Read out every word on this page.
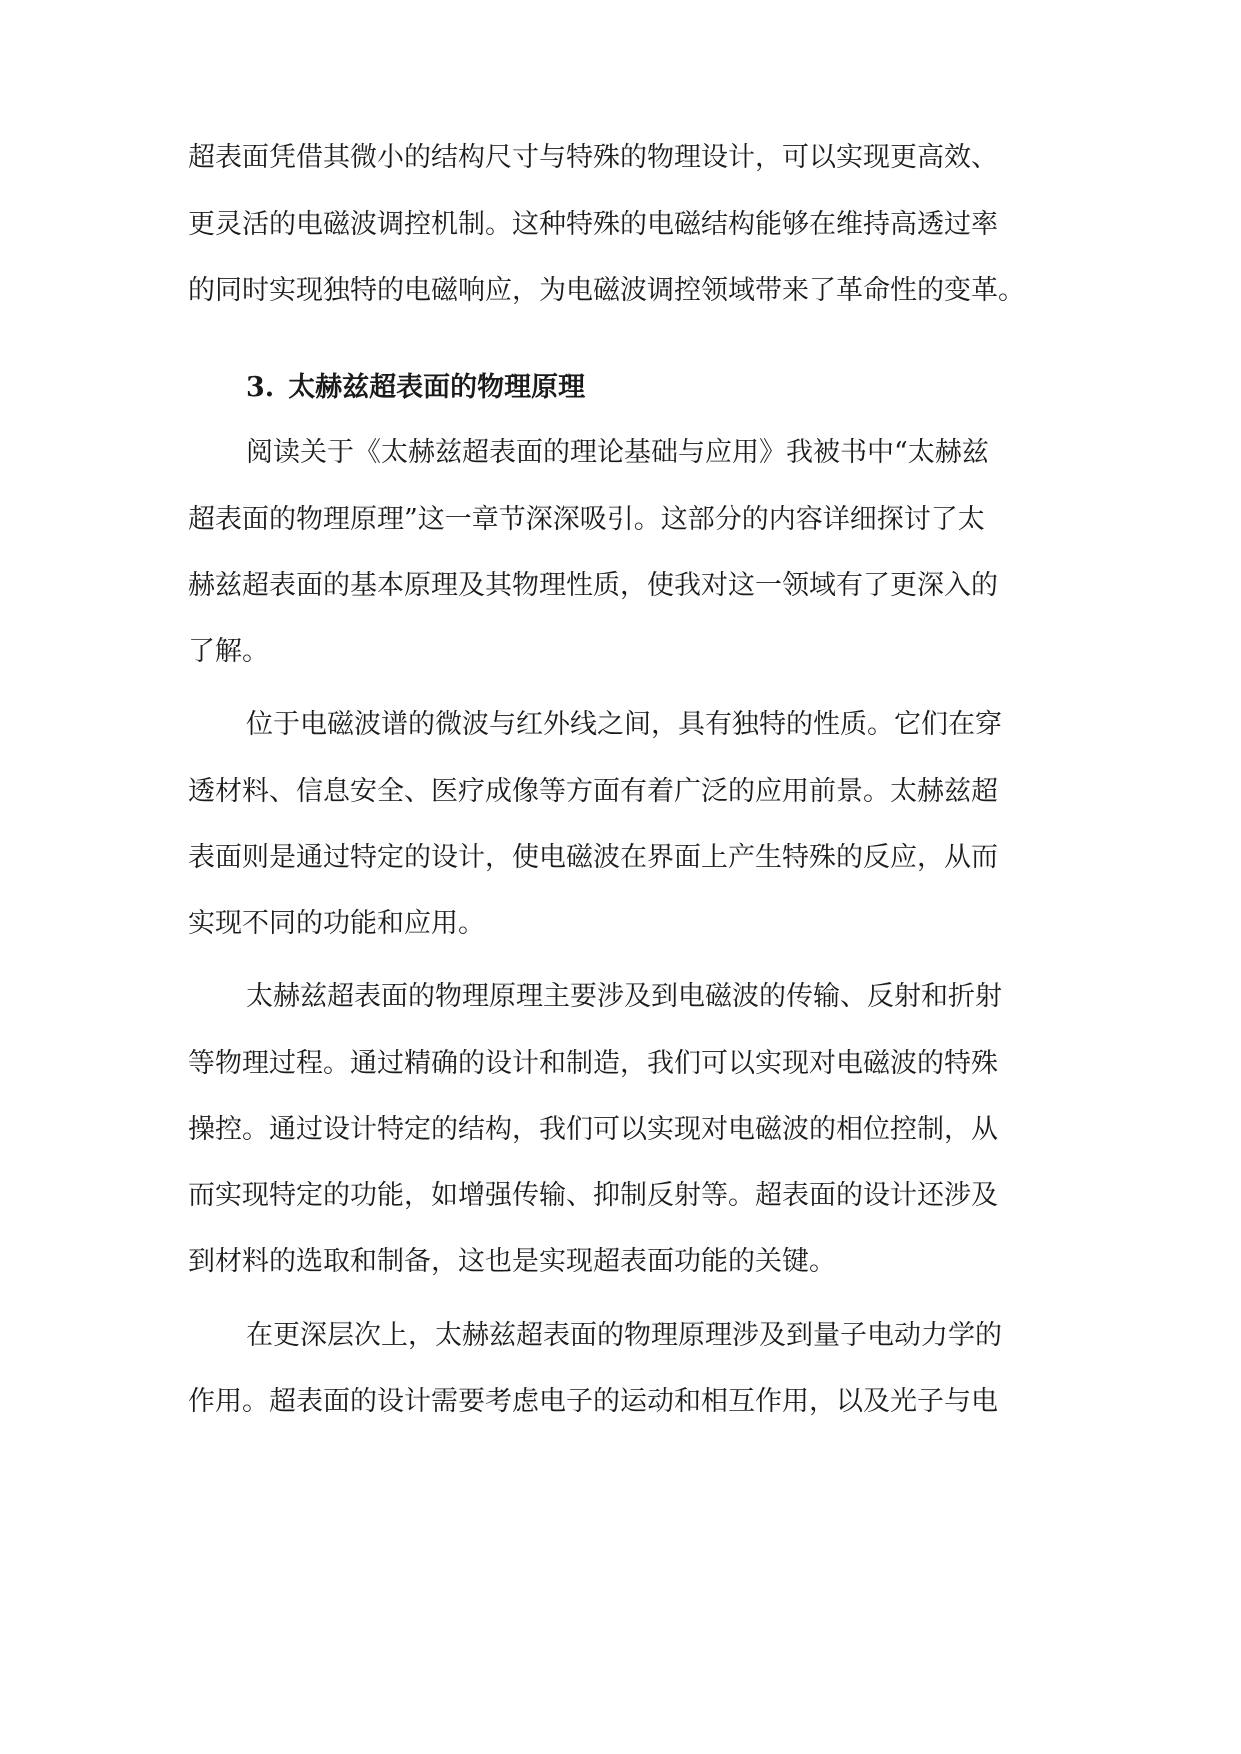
超表面凭借其微小的结构尺寸与特殊的物理设计，可以实现更高效、
更灵活的电磁波调控机制。这种特殊的电磁结构能够在维持高透过率
的同时实现独特的电磁响应，为电磁波调控领域带来了革命性的变革。
3. 太赫兹超表面的物理原理
阅读关于《太赫兹超表面的理论基础与应用》我被书中“太赫兹
超表面的物理原理”这一章节深深吸引。这部分的内容详细探讨了太
赫兹超表面的基本原理及其物理性质，使我对这一领域有了更深入的
了解。
位于电磁波谱的微波与红外线之间，具有独特的性质。它们在穿
透材料、信息安全、医疗成像等方面有着广泛的应用前景。太赫兹超
表面则是通过特定的设计，使电磁波在界面上产生特殊的反应，从而
实现不同的功能和应用。
太赫兹超表面的物理原理主要涉及到电磁波的传输、反射和折射
等物理过程。通过精确的设计和制造，我们可以实现对电磁波的特殊
操控。通过设计特定的结构，我们可以实现对电磁波的相位控制，从
而实现特定的功能，如增强传输、抑制反射等。超表面的设计还涉及
到材料的选取和制备，这也是实现超表面功能的关键。
在更深层次上，太赫兹超表面的物理原理涉及到量子电动力学的
作用。超表面的设计需要考虑电子的运动和相互作用，以及光子与电
